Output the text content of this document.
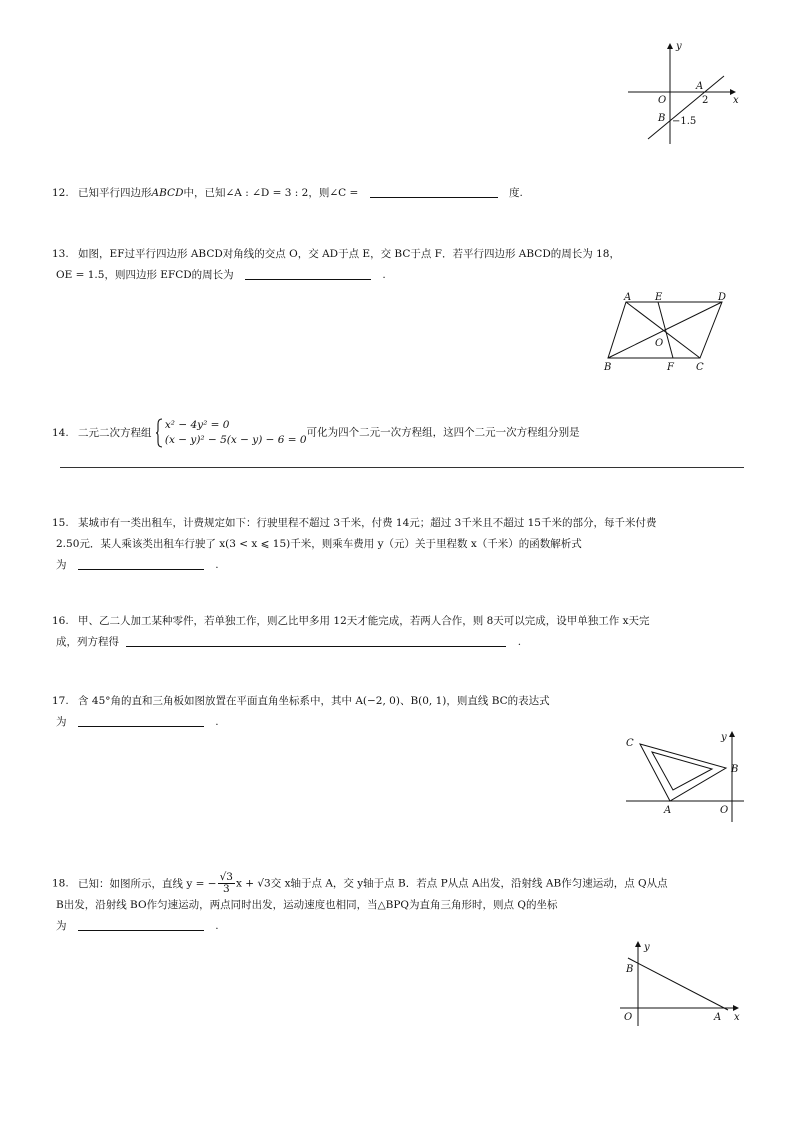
y
A
O	2 x
B −1.5
12. 已知平行四边形ABCD中，已知∠A : ∠D = 3 : 2，则∠C =	度.
13. 如图，EF过平行四边形 ABCD对角线的交点 O，交 AD于点 E，交 BC于点 F．若平行四边形 ABCD的周长为 18，
OE = 1.5，则四边形 EFCD的周长为	.
A E	D
O
B	F C
14. 二元二次方程组
x² − 4y² = 0
(x − y)² − 5(x − y) − 6 = 0
可化为四个二元一次方程组，这四个二元一次方程组分别是
15. 某城市有一类出租车，计费规定如下：行驶里程不超过 3千米，付费 14元；超过 3千米且不超过 15千米的部分，每千米付费
2.50元．某人乘该类出租车行驶了 x(3 < x ⩽ 15)千米，则乘车费用 y（元）关于里程数 x（千米）的函数解析式
为	.
16. 甲、乙二人加工某种零件，若单独工作，则乙比甲多用 12天才能完成，若两人合作，则 8天可以完成，设甲单独工作 x天完
成，列方程得	.
17. 含 45°角的直和三角板如图放置在平面直角坐标系中，其中 A(−2, 0)、B(0, 1)，则直线 BC的表达式
为	.
C
y
B
A	O
18. 已知：如图所示，直线 y = − $\frac{√3}{3}$ x + √3交 x轴于点 A，交 y轴于点 B．若点 P从点 A出发，沿射线 AB作匀速运动，点 Q从点
B出发，沿射线 BO作匀速运动，两点同时出发，运动速度也相同，当△BPQ为直角三角形时，则点 Q的坐标
为	.
y
B
O	A x
